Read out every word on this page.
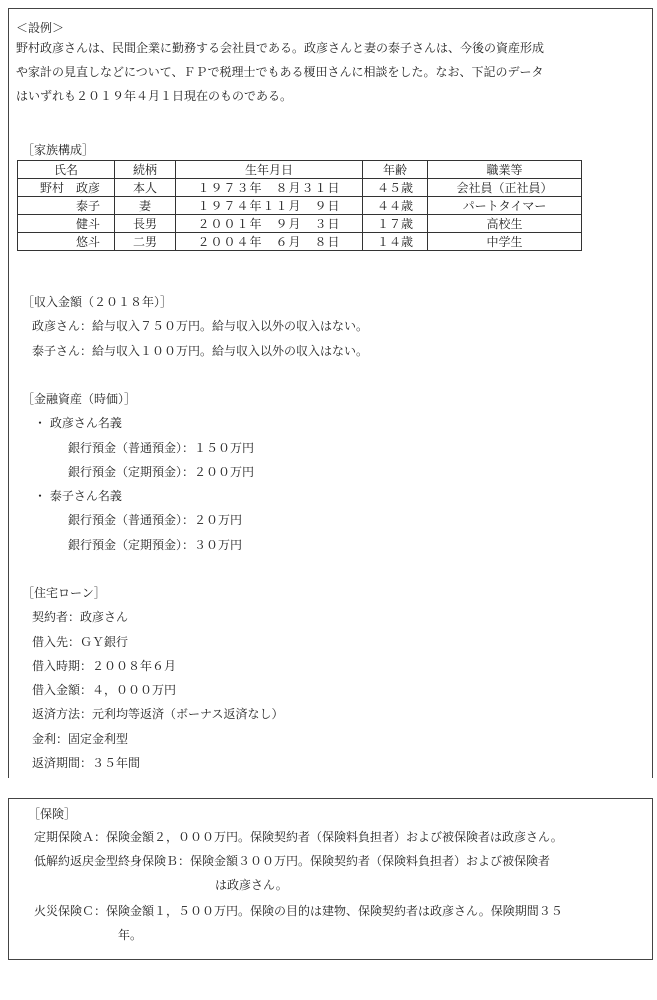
＜設例＞
野村政彦さんは、民間企業に勤務する会社員である。政彦さんと妻の泰子さんは、今後の資産形成
や家計の見直しなどについて、ＦＰで税理士でもある榎田さんに相談をした。なお、下記のデータ
はいずれも２０１９年４月１日現在のものである。
［家族構成］
氏名	続柄	生年月日	年齢	職業等
野村　政彦	本人	１９７３年　８月３１日	４５歳	会社員（正社員）
泰子	妻	１９７４年１１月　９日	４４歳	パートタイマー
健斗	長男	２００１年　９月　３日	１７歳	高校生
悠斗	二男	２００４年　６月　８日	１４歳	中学生
［収入金額（２０１８年）］
政彦さん：給与収入７５０万円。給与収入以外の収入はない。
泰子さん：給与収入１００万円。給与収入以外の収入はない。
［金融資産（時価）］
・ 政彦さん名義
銀行預金（普通預金）：１５０万円
銀行預金（定期預金）：２００万円
・ 泰子さん名義
銀行預金（普通預金）：２０万円
銀行預金（定期預金）：３０万円
［住宅ローン］
契約者：政彦さん
借入先：ＧＹ銀行
借入時期：２００８年６月
借入金額：４，０００万円
返済方法：元利均等返済（ボーナス返済なし）
金利：固定金利型
返済期間：３５年間
［保険］
定期保険Ａ：保険金額２，０００万円。保険契約者（保険料負担者）および被保険者は政彦さん。
低解約返戻金型終身保険Ｂ：保険金額３００万円。保険契約者（保険料負担者）および被保険者
は政彦さん。
火災保険Ｃ：保険金額１，５００万円。保険の目的は建物、保険契約者は政彦さん。保険期間３５
年。
